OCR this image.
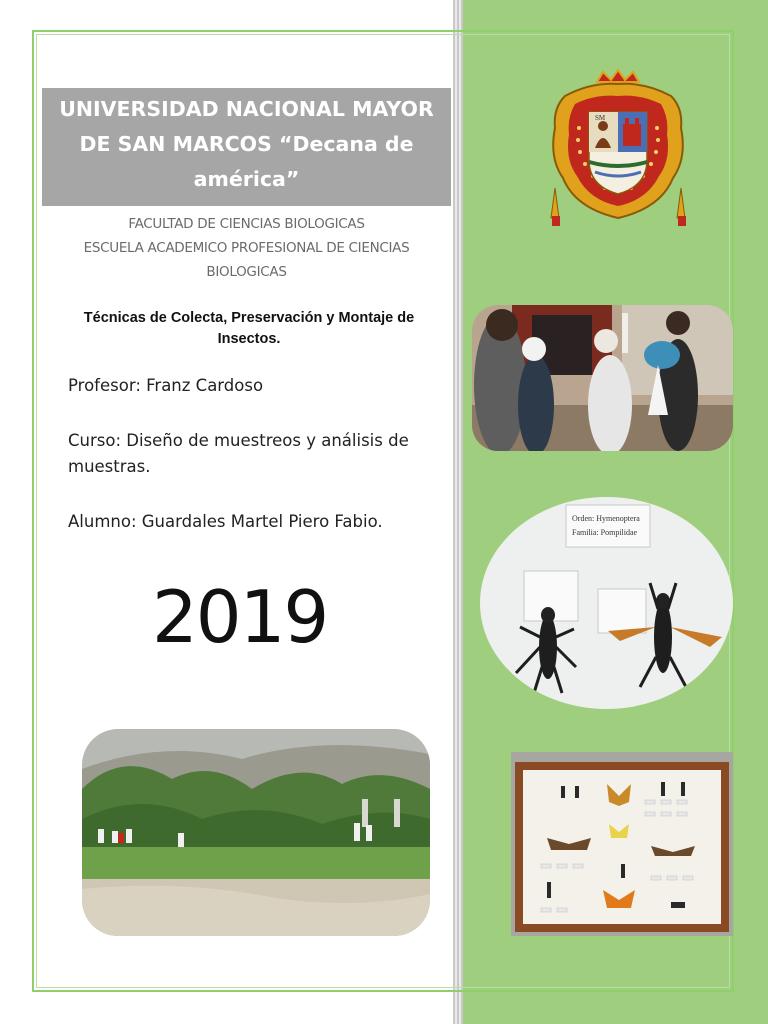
UNIVERSIDAD NACIONAL MAYOR
DE SAN MARCOS “Decana de
américa”
FACULTAD DE CIENCIAS BIOLOGICAS
ESCUELA ACADEMICO PROFESIONAL DE CIENCIAS
BIOLOGICAS
Técnicas de Colecta, Preservación y Montaje de
Insectos.
Profesor: Franz Cardoso
Curso: Diseño de muestreos y análisis de
muestras.
Alumno: Guardales Martel Piero Fabio.
2019
SM
Orden: Hymenoptera
Familia: Pompilidae
